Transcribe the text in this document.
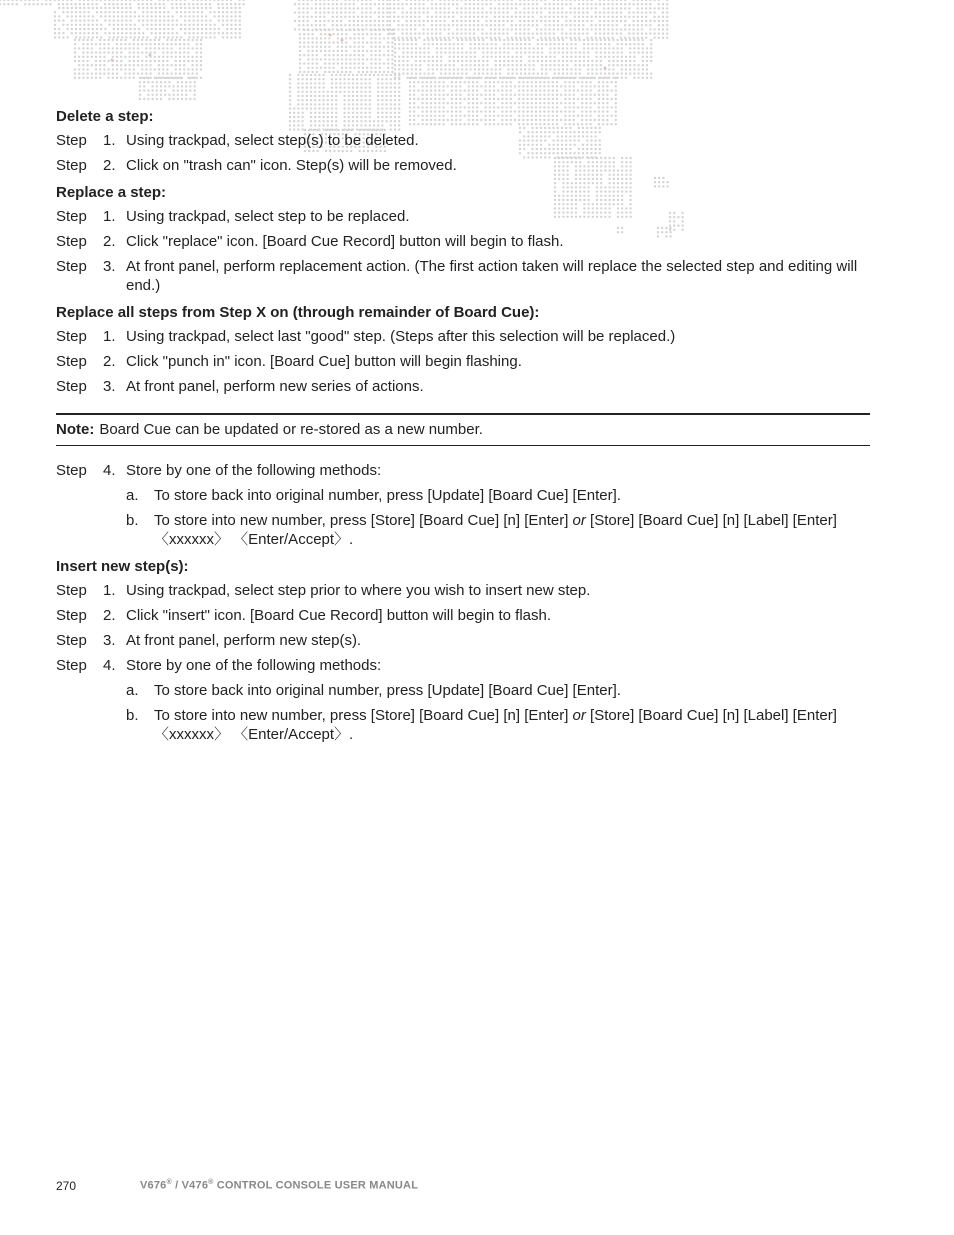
Delete a step:
Step	1. Using trackpad, select step(s) to be deleted.
Step	2. Click on "trash can" icon. Step(s) will be removed.
Replace a step:
Step	1. Using trackpad, select step to be replaced.
Step	2. Click "replace" icon. [Board Cue Record] button will begin to flash.
Step	3. At front panel, perform replacement action. (The first action taken will replace the selected step and editing will end.)
Replace all steps from Step X on (through remainder of Board Cue):
Step	1. Using trackpad, select last "good" step. (Steps after this selection will be replaced.)
Step	2. Click "punch in" icon. [Board Cue] button will begin flashing.
Step	3. At front panel, perform new series of actions.
Note: Board Cue can be updated or re-stored as a new number.
Step	4. Store by one of the following methods:
a.	To store back into original number, press [Update] [Board Cue] [Enter].
b.	To store into new number, press [Store] [Board Cue] [n] [Enter] or [Store] [Board Cue] [n] [Label] [Enter] 〈xxxxxx〉 〈Enter/Accept〉.
Insert new step(s):
Step	1. Using trackpad, select step prior to where you wish to insert new step.
Step	2. Click "insert" icon. [Board Cue Record] button will begin to flash.
Step	3. At front panel, perform new step(s).
Step	4. Store by one of the following methods:
a.	To store back into original number, press [Update] [Board Cue] [Enter].
b.	To store into new number, press [Store] [Board Cue] [n] [Enter] or [Store] [Board Cue] [n] [Label] [Enter] 〈xxxxxx〉 〈Enter/Accept〉.
270	V676® / V476® CONTROL CONSOLE USER MANUAL
